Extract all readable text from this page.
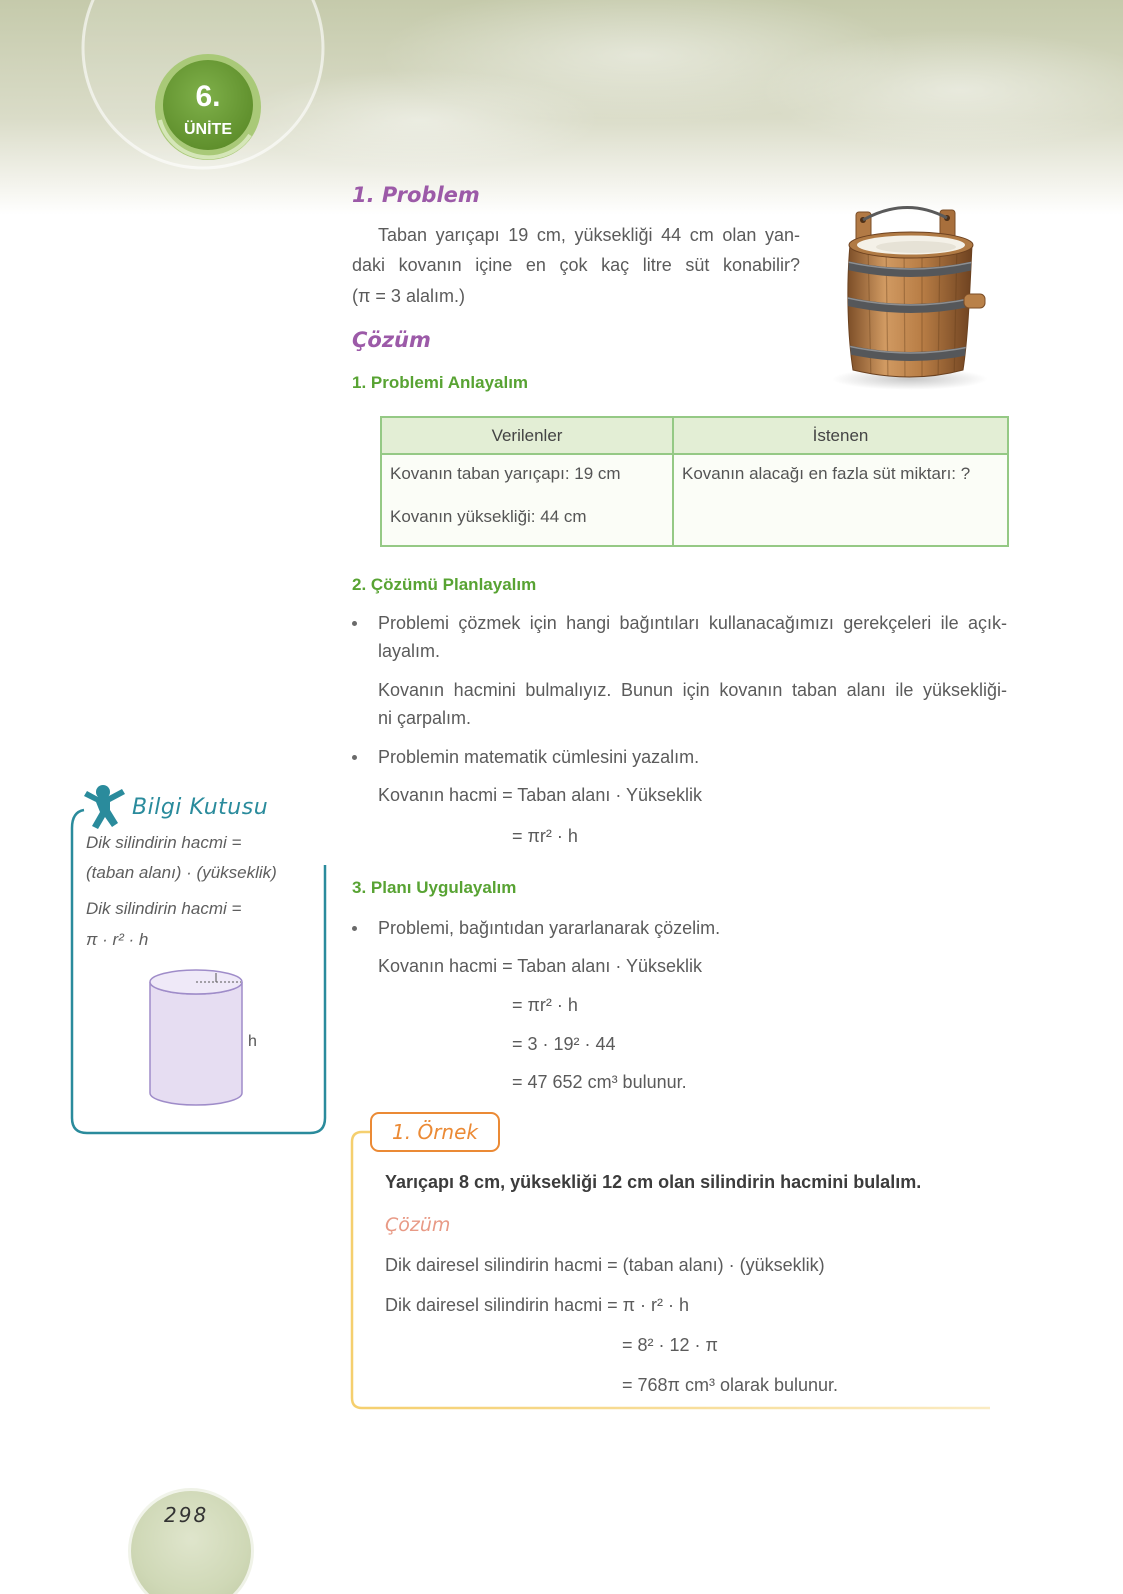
6.
ÜNİTE
1. Problem
Taban yarıçapı 19 cm, yüksekliği 44 cm olan yan-
daki kovanın içine en çok kaç litre süt konabilir?
(π = 3 alalım.)
Çözüm
1. Problemi Anlayalım
Verilenler	İstenen

Kovanın taban yarıçapı: 19 cm
Kovanın yüksekliği: 44 cm	Kovanın alacağı en fazla süt miktarı: ?
2. Çözümü Planlayalım
Problemi çözmek için hangi bağıntıları kullanacağımızı gerekçeleri ile açık-
layalım.
Kovanın hacmini bulmalıyız. Bunun için kovanın taban alanı ile yüksekliği-
ni çarpalım.
Problemin matematik cümlesini yazalım.
Kovanın hacmi = Taban alanı · Yükseklik
= πr² · h
3. Planı Uygulayalım
Problemi, bağıntıdan yararlanarak çözelim.
Kovanın hacmi = Taban alanı · Yükseklik
= πr² · h
= 3 · 19² · 44
= 47 652 cm³ bulunur.
Bilgi Kutusu
Dik silindirin hacmi =
(taban alanı) · (yükseklik)
Dik silindirin hacmi =
π · r² · h
h
1. Örnek
Yarıçapı 8 cm, yüksekliği 12 cm olan silindirin hacmini bulalım.
Çözüm
Dik dairesel silindirin hacmi = (taban alanı) · (yükseklik)
Dik dairesel silindirin hacmi = π · r² · h
= 8² · 12 · π
= 768π cm³ olarak bulunur.
298
